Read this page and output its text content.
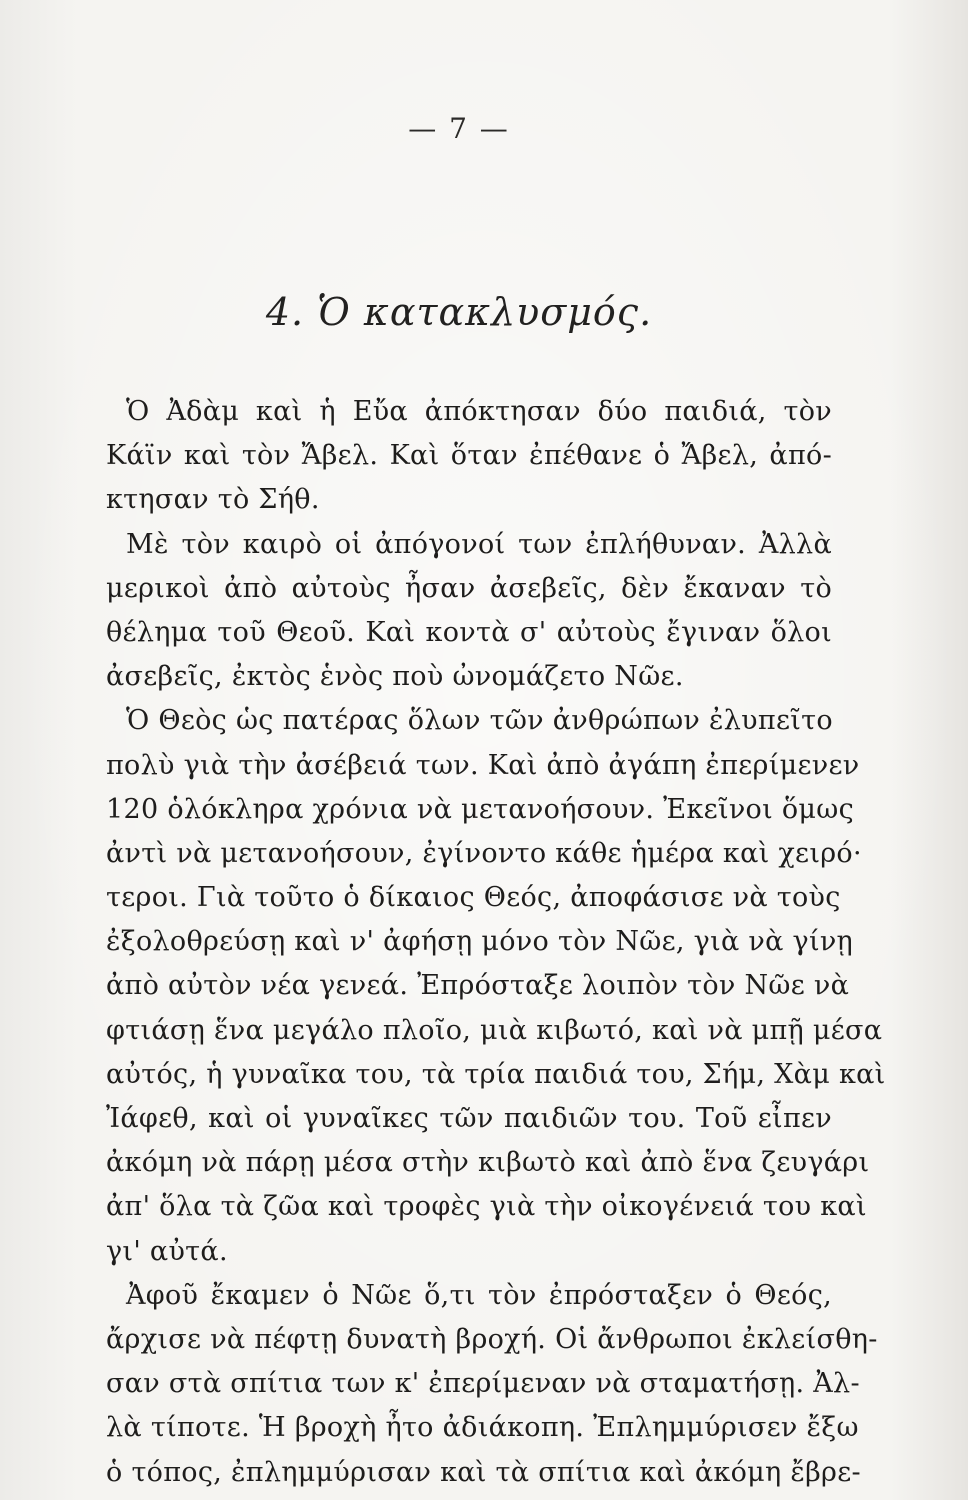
— 7 —
4. Ὁ κατακλυσμός.
Ὁ Ἀδὰμ καὶ ἡ Εὔα ἀπόκτησαν δύο παιδιά, τὸν
Κάϊν καὶ τὸν Ἄβελ. Καὶ ὅταν ἐπέθανε ὁ Ἄβελ, ἀπό-
κτησαν τὸ Σήθ.
Μὲ τὸν καιρὸ οἱ ἀπόγονοί των ἐπλήθυναν. Ἀλλὰ
μερικοὶ ἀπὸ αὐτοὺς ἦσαν ἀσεβεῖς, δὲν ἔκαναν τὸ
θέλημα τοῦ Θεοῦ. Καὶ κοντὰ σ' αὐτοὺς ἔγιναν ὅλοι
ἀσεβεῖς, ἐκτὸς ἑνὸς ποὺ ὠνομάζετο Νῶε.
Ὁ Θεὸς ὡς πατέρας ὅλων τῶν ἀνθρώπων ἐλυπεῖτο
πολὺ γιὰ τὴν ἀσέβειά των. Καὶ ἀπὸ ἀγάπη ἐπερίμενεν
120 ὁλόκληρα χρόνια νὰ μετανοήσουν. Ἐκεῖνοι ὅμως
ἀντὶ νὰ μετανοήσουν, ἐγίνοντο κάθε ἡμέρα καὶ χειρό·
τεροι. Γιὰ τοῦτο ὁ δίκαιος Θεός, ἀποφάσισε νὰ τοὺς
ἐξολοθρεύσῃ καὶ ν' ἀφήσῃ μόνο τὸν Νῶε, γιὰ νὰ γίνῃ
ἀπὸ αὐτὸν νέα γενεά. Ἐπρόσταξε λοιπὸν τὸν Νῶε νὰ
φτιάσῃ ἕνα μεγάλο πλοῖο, μιὰ κιβωτό, καὶ νὰ μπῇ μέσα
αὐτός, ἡ γυναῖκα του, τὰ τρία παιδιά του, Σήμ, Χὰμ καὶ
Ἰάφεθ, καὶ οἱ γυναῖκες τῶν παιδιῶν του. Τοῦ εἶπεν
ἀκόμη νὰ πάρῃ μέσα στὴν κιβωτὸ καὶ ἀπὸ ἕνα ζευγάρι
ἀπ' ὅλα τὰ ζῶα καὶ τροφὲς γιὰ τὴν οἰκογένειά του καὶ
γι' αὐτά.
Ἀφοῦ ἔκαμεν ὁ Νῶε ὅ,τι τὸν ἐπρόσταξεν ὁ Θεός,
ἄρχισε νὰ πέφτῃ δυνατὴ βροχή. Οἱ ἄνθρωποι ἐκλείσθη-
σαν στὰ σπίτια των κ' ἐπερίμεναν νὰ σταματήσῃ. Ἀλ-
λὰ τίποτε. Ἡ βροχὴ ἦτο ἀδιάκοπη. Ἐπλημμύρισεν ἔξω
ὁ τόπος, ἐπλημμύρισαν καὶ τὰ σπίτια καὶ ἀκόμη ἔβρε-
